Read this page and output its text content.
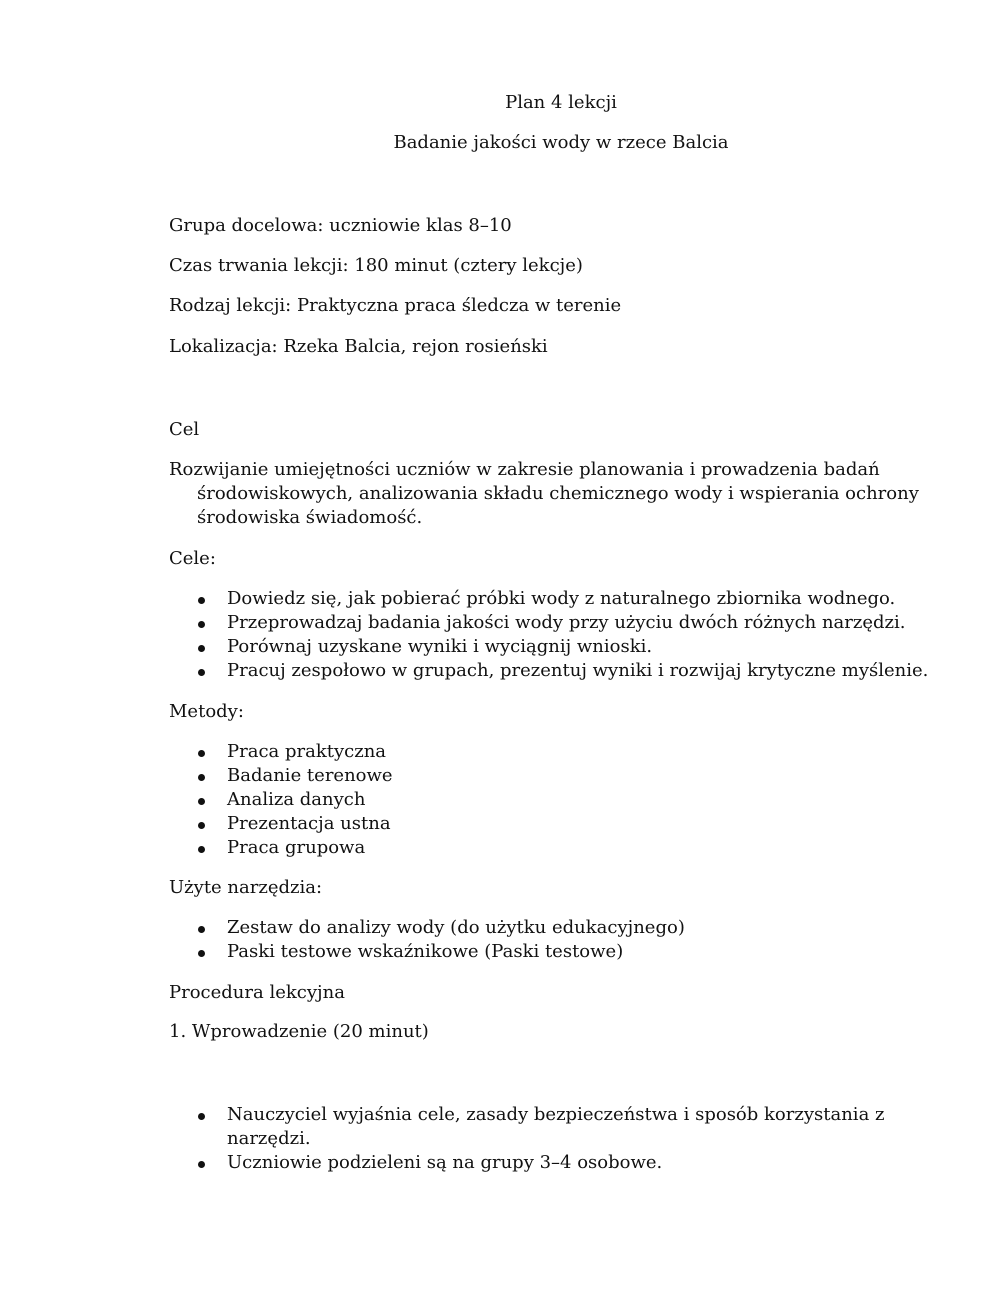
Plan 4 lekcji
Badanie jakości wody w rzece Balcia

Grupa docelowa: uczniowie klas 8–10

Czas trwania lekcji: 180 minut (cztery lekcje)

Rodzaj lekcji: Praktyczna praca śledcza w terenie

Lokalizacja: Rzeka Balcia, rejon rosieński

Cel

Rozwijanie umiejętności uczniów w zakresie planowania i prowadzenia badań środowiskowych, analizowania składu chemicznego wody i wspierania ochrony środowiska świadomość.

Cele:

Dowiedz się, jak pobierać próbki wody z naturalnego zbiornika wodnego.
Przeprowadzaj badania jakości wody przy użyciu dwóch różnych narzędzi.
Porównaj uzyskane wyniki i wyciągnij wnioski.
Pracuj zespołowo w grupach, prezentuj wyniki i rozwijaj krytyczne myślenie.

Metody:

Praca praktyczna
Badanie terenowe
Analiza danych
Prezentacja ustna
Praca grupowa

Użyte narzędzia:

Zestaw do analizy wody (do użytku edukacyjnego)
Paski testowe wskaźnikowe (Paski testowe)

Procedura lekcyjna

1. Wprowadzenie (20 minut)

Nauczyciel wyjaśnia cele, zasady bezpieczeństwa i sposób korzystania z narzędzi.
Uczniowie podzieleni są na grupy 3–4 osobowe.
